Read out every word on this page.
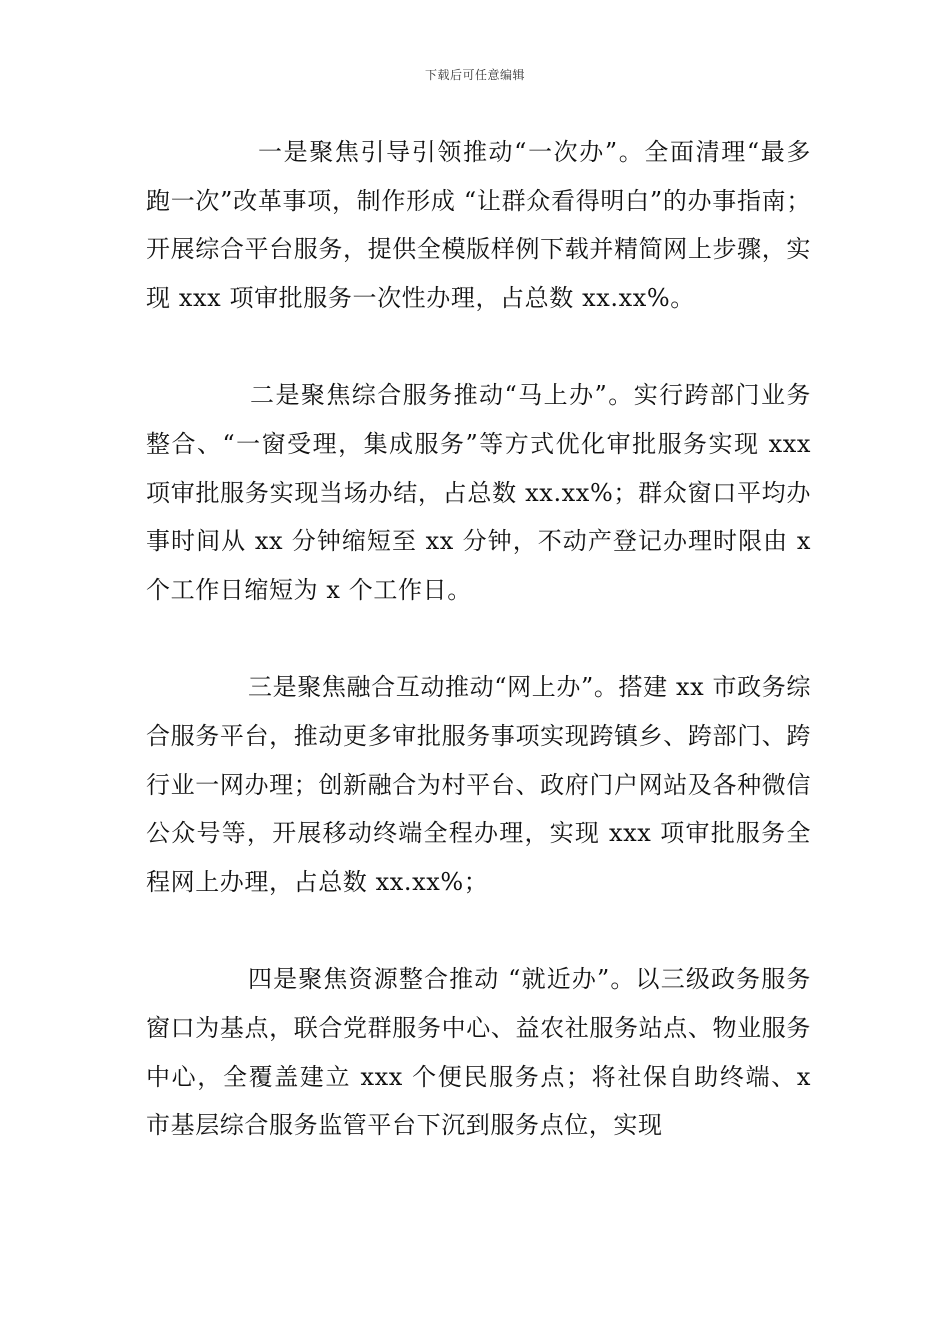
下载后可任意编辑

一是聚焦引导引领推动“一次办”。全面清理“最多跑一次”改革事项，制作形成 “让群众看得明白”的办事指南；开展综合平台服务，提供全模版样例下载并精简网上步骤，实现 xxx 项审批服务一次性办理，占总数 xx.xx%。

二是聚焦综合服务推动“马上办”。实行跨部门业务整合、“一窗受理，集成服务”等方式优化审批服务实现 xxx 项审批服务实现当场办结，占总数 xx.xx%；群众窗口平均办事时间从 xx 分钟缩短至 xx 分钟，不动产登记办理时限由 x 个工作日缩短为 x 个工作日。

三是聚焦融合互动推动“网上办”。搭建 xx 市政务综合服务平台，推动更多审批服务事项实现跨镇乡、跨部门、跨行业一网办理；创新融合为村平台、政府门户网站及各种微信公众号等，开展移动终端全程办理，实现 xxx 项审批服务全程网上办理，占总数 xx.xx%；

四是聚焦资源整合推动 “就近办”。以三级政务服务窗口为基点，联合党群服务中心、益农社服务站点、物业服务中心，全覆盖建立 xxx 个便民服务点；将社保自助终端、x 市基层综合服务监管平台下沉到服务点位，实现
